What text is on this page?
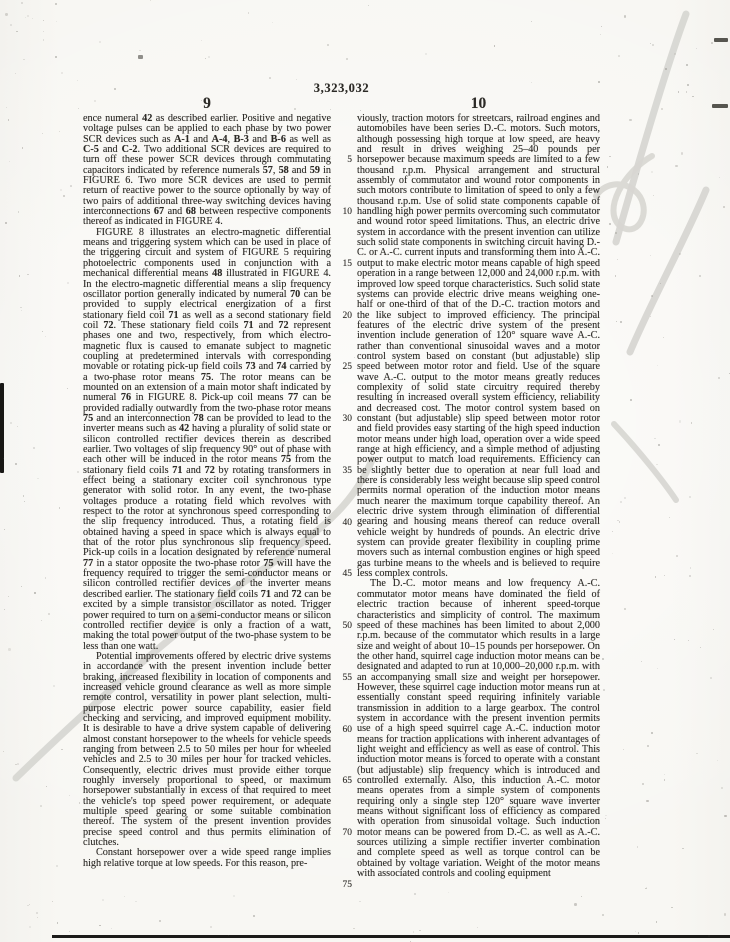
3,323,032
9	10

ence numeral 42 as described earlier. Positive and negative voltage pulses can be applied to each phase by two power SCR devices such as A-1 and A-4, B-3 and B-6 as well as C-5 and C-2. Two additional SCR devices are required to turn off these power SCR devices through commutating capacitors indicated by reference numerals 57, 58 and 59 in FIGURE 6. Two more SCR devices are used to permit return of reactive power to the source optionally by way of two pairs of additional three-way switching devices having interconnections 67 and 68 between respective components thereof as indicated in FIGURE 4.

FIGURE 8 illustrates an electro-magnetic differential means and triggering system which can be used in place of the triggering circuit and system of FIGURE 5 requiring photoelectric components used in conjunction with a mechanical differential means 48 illustrated in FIGURE 4. In the electro-magnetic differential means a slip frequency oscillator portion generally indicated by numeral 70 can be provided to supply electrical energization of a first stationary field coil 71 as well as a second stationary field coil 72. These stationary field coils 71 and 72 represent phases one and two, respectively, from which electro-magnetic flux is caused to emanate subject to magnetic coupling at predetermined intervals with corresponding movable or rotating pick-up field coils 73 and 74 carried by a two-phase rotor means 75. The rotor means can be mounted on an extension of a main motor shaft indicated by numeral 76 in FIGURE 8. Pick-up coil means 77 can be provided radially outwardly from the two-phase rotor means 75 and an interconnection 78 can be provided to lead to the inverter means such as 42 having a plurality of solid state or silicon controlled rectifier devices therein as described earlier. Two voltages of slip frequency 90° out of phase with each other will be induced in the rotor means 75 from the stationary field coils 71 and 72 by rotating transformers in effect being a stationary exciter coil synchronous type generator with solid rotor. In any event, the two-phase voltages produce a rotating field which revolves with respect to the rotor at synchronous speed corresponding to the slip frequency introduced. Thus, a rotating field is obtained having a speed in space which is always equal to that of the rotor plus synchronous slip frequency speed. Pick-up coils in a location designated by reference numeral 77 in a stator opposite the two-phase rotor 75 will have the frequency required to trigger the semi-conductor means or silicon controlled rectifier devices of the inverter means described earlier. The stationary field coils 71 and 72 can be excited by a simple transistor oscillator as noted. Trigger power required to turn on a semi-conductor means or silicon controlled rectifier device is only a fraction of a watt, making the total power output of the two-phase system to be less than one watt.

Potential improvements offered by electric drive systems in accordance with the present invention include better braking, increased flexibility in location of components and increased vehicle ground clearance as well as more simple remote control, versatility in power plant selection, multi-purpose electric power source capability, easier field checking and servicing, and improved equipment mobility. It is desirable to have a drive system capable of delivering almost constant horsepower to the wheels for vehicle speeds ranging from between 2.5 to 50 miles per hour for wheeled vehicles and 2.5 to 30 miles per hour for tracked vehicles. Consequently, electric drives must provide either torque roughly inversely proportional to speed, or maximum horsepower substantially in excess of that required to meet the vehicle's top speed power requirement, or adequate multiple speed gearing or some suitable combination thereof. The system of the present invention provides precise speed control and thus permits elimination of clutches.

Constant horsepower over a wide speed range implies high relative torque at low speeds. For this reason, pre-

viously, traction motors for streetcars, railroad engines and automobiles have been series D.-C. motors. Such motors, although possessing high torque at low speed, are heavy and result in drives weighing 25–40 pounds per horsepower because maximum speeds are limited to a few thousand r.p.m. Physical arrangement and structural assembly of commutator and wound rotor components in such motors contribute to limitation of speed to only a few thousand r.p.m. Use of solid state components capable of handling high power permits overcoming such commutator and wound rotor speed limitations. Thus, an electric drive system in accordance with the present invention can utilize such solid state components in switching circuit having D.-C. or A.-C. current inputs and transforming them into A.-C. output to make electric motor means capable of high speed operation in a range between 12,000 and 24,000 r.p.m. with improved low speed torque characteristics. Such solid state systems can provide electric drive means weighing one-half or one-third of that of the D.-C. traction motors and the like subject to improved efficiency. The principal features of the electric drive system of the present invention include generation of 120° square wave A.-C. rather than conventional sinusoidal waves and a motor control system based on constant (but adjustable) slip speed between motor rotor and field. Use of the square wave A.-C. output to the motor means greatly reduces complexity of solid state circuitry required thereby resulting in increased overall system efficiency, reliability and decreased cost. The motor control system based on constant (but adjustable) slip speed between motor rotor and field provides easy starting of the high speed induction motor means under high load, operation over a wide speed range at high efficiency, and a simple method of adjusting power output to match load requirements. Efficiency can be slightly better due to operation at near full load and there is considerably less weight because slip speed control permits normal operation of the induction motor means much nearer the maximum torque capability thereof. An electric drive system through elimination of differential gearing and housing means thereof can reduce overall vehicle weight by hundreds of pounds. An electric drive system can provide greater flexibility in coupling prime movers such as internal combustion engines or high speed gas turbine means to the wheels and is believed to require less complex controls.

The D.-C. motor means and low frequency A.-C. commutator motor means have dominated the field of electric traction because of inherent speed-torque characteristics and simplicity of control. The maximum speed of these machines has been limited to about 2,000 r.p.m. because of the commutator which results in a large size and weight of about 10–15 pounds per horsepower. On the other hand, squirrel cage induction motor means can be designated and adapted to run at 10,000–20,000 r.p.m. with an accompanying small size and weight per horsepower. However, these squirrel cage induction motor means run at essentially constant speed requiring infinitely variable transmission in addition to a large gearbox. The control system in accordance with the present invention permits use of a high speed squirrel cage A.-C. induction motor means for traction applications with inherent advantages of light weight and efficiency as well as ease of control. This induction motor means is forced to operate with a constant (but adjustable) slip frequency which is introduced and controlled externally. Also, this induction A.-C. motor means operates from a simple system of components requiring only a single step 120° square wave inverter means without significant loss of efficiency as compared with operation from sinusoidal voltage. Such induction motor means can be powered from D.-C. as well as A.-C. sources utilizing a simple rectifier inverter combination and complete speed as well as torque control can be obtained by voltage variation. Weight of the motor means with associated controls and cooling equipment

5
10
15
20
25
30
35
40
45
50
55
60
65
70
75
